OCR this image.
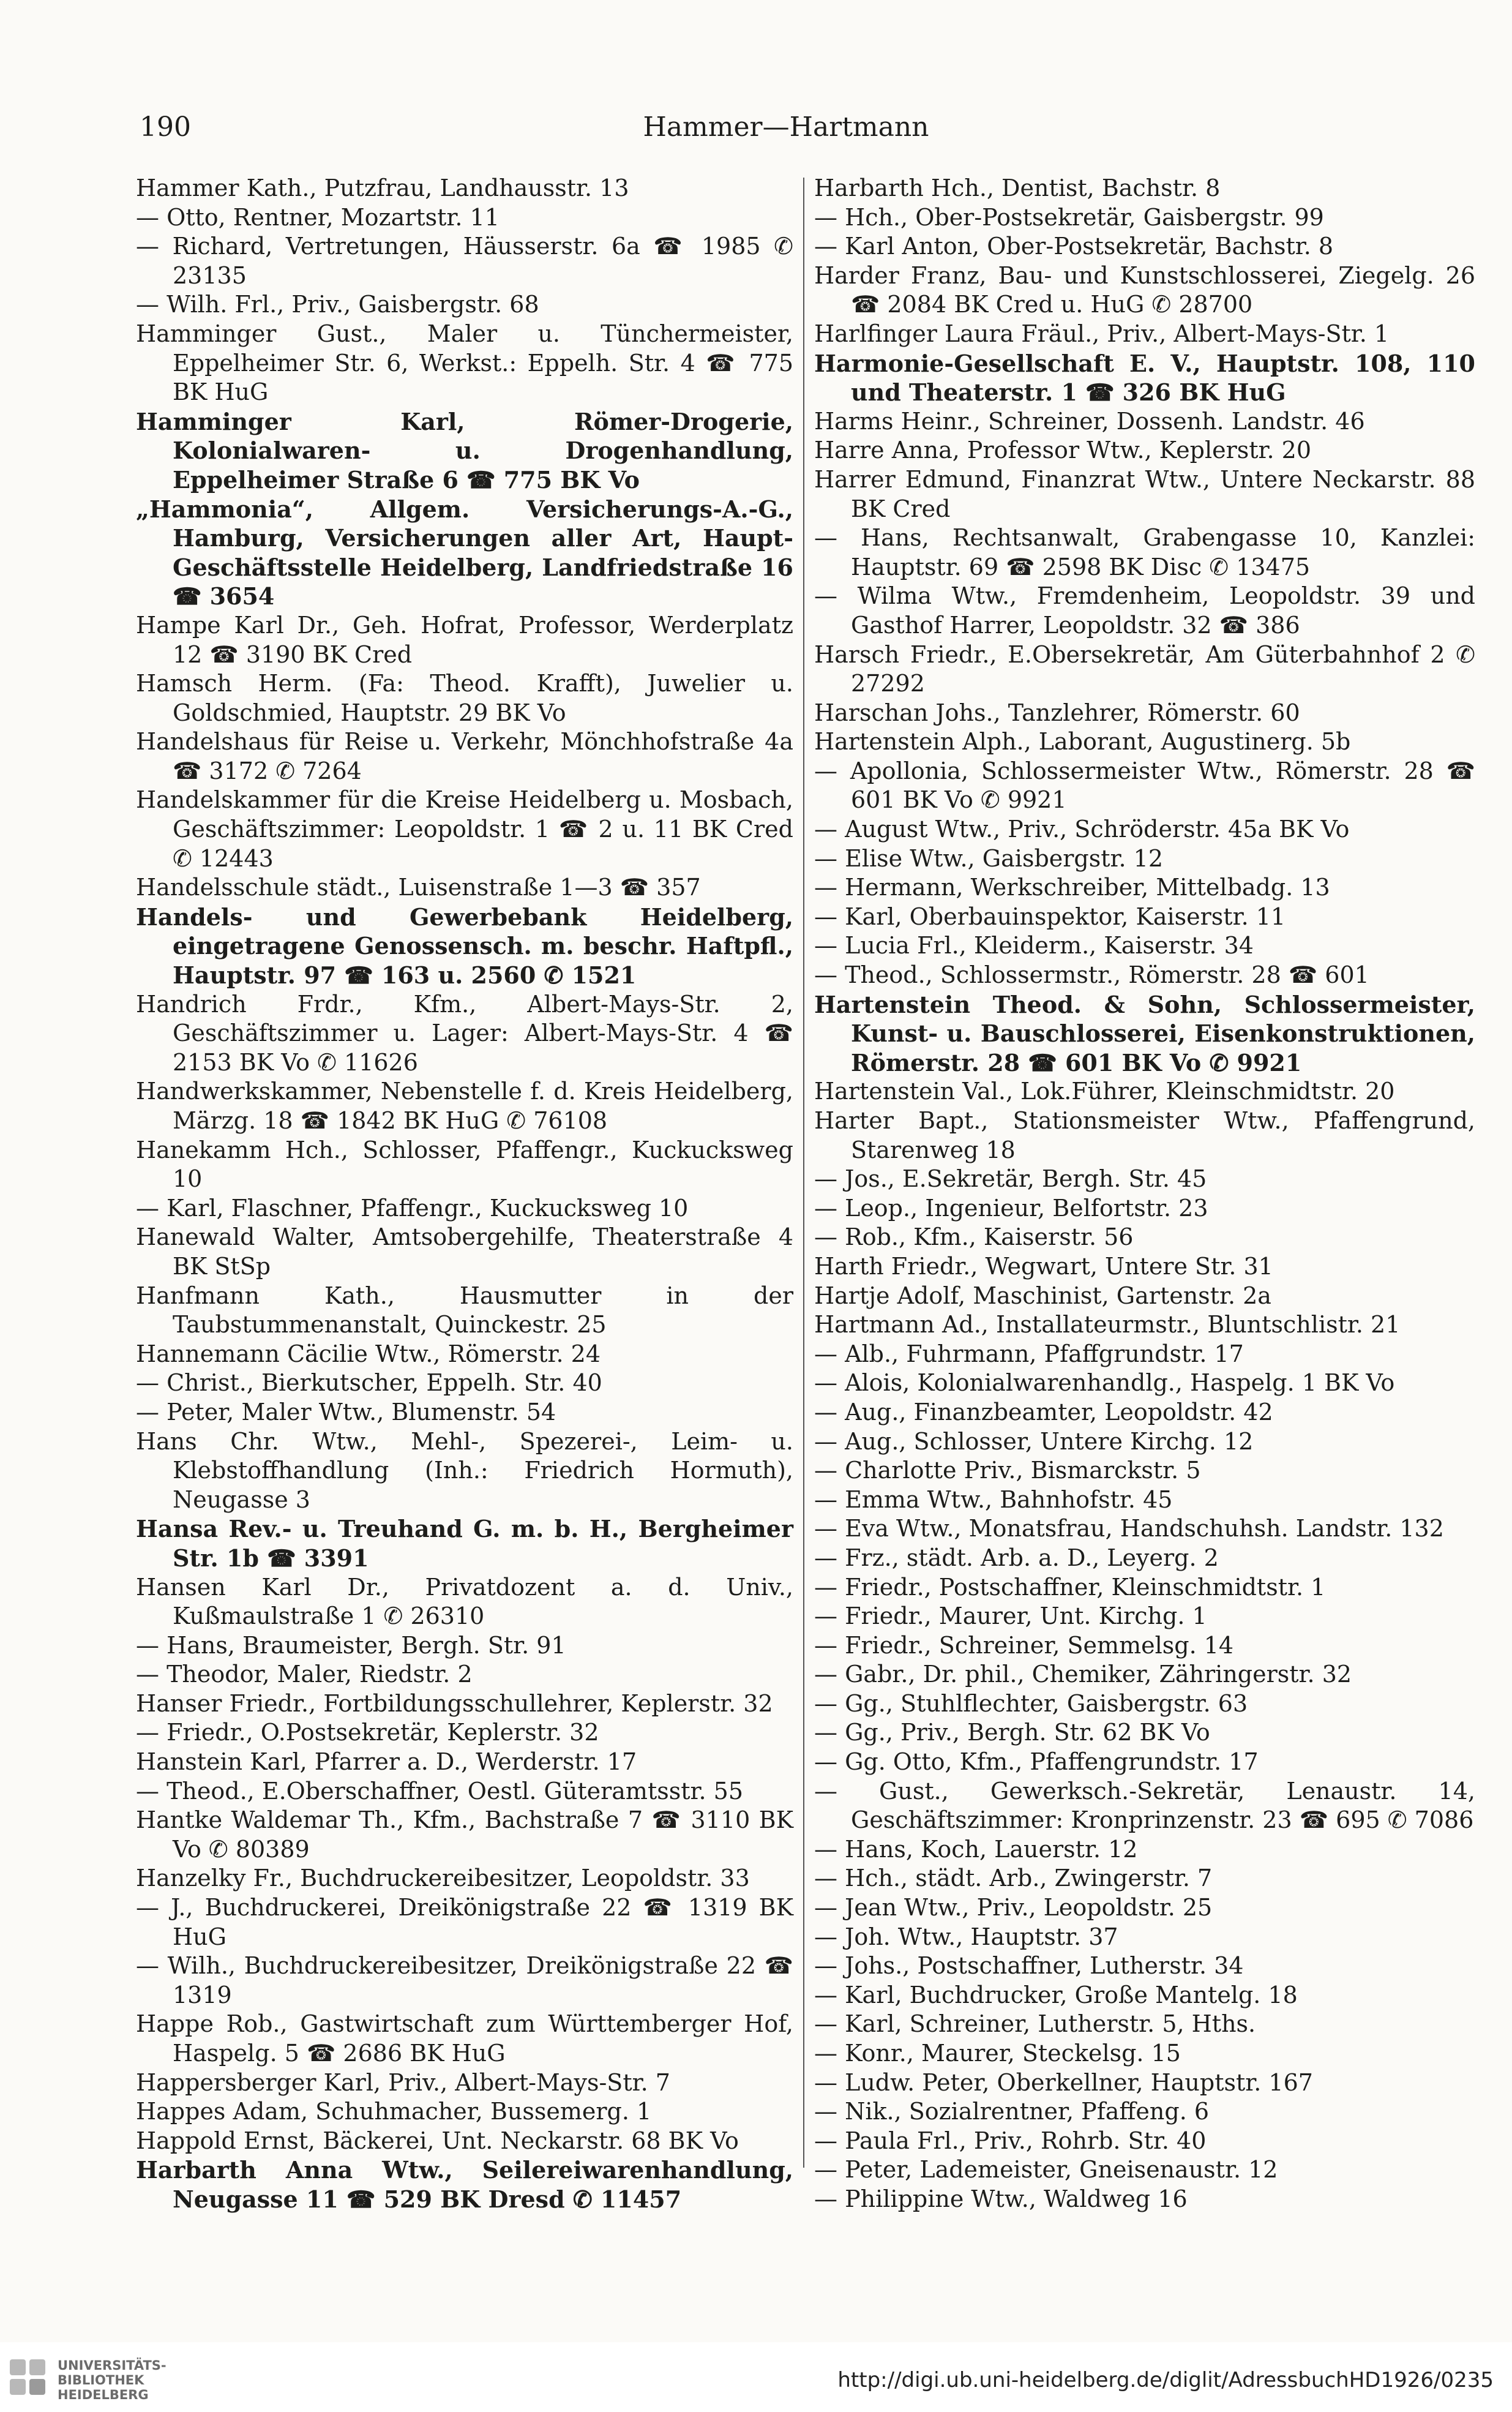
190	Hammer—Hartmann

Hammer Kath., Putzfrau, Landhausstr. 13

— Otto, Rentner, Mozartstr. 11

— Richard, Vertretungen, Häusserstr. 6a ☎ 1985 ✆ 23135

— Wilh. Frl., Priv., Gaisbergstr. 68

Hamminger Gust., Maler u. Tünchermeister, Eppelheimer Str. 6, Werkst.: Eppelh. Str. 4 ☎ 775 BK HuG

Hamminger Karl, Römer-Drogerie, Kolonialwaren- u. Drogenhandlung, Eppelheimer Straße 6 ☎ 775 BK Vo

„Hammonia“, Allgem. Versicherungs-A.-G., Hamburg, Versicherungen aller Art, Haupt-Geschäftsstelle Heidelberg, Landfriedstraße 16 ☎ 3654

Hampe Karl Dr., Geh. Hofrat, Professor, Werderplatz 12 ☎ 3190 BK Cred

Hamsch Herm. (Fa: Theod. Krafft), Juwelier u. Goldschmied, Hauptstr. 29 BK Vo

Handelshaus für Reise u. Verkehr, Mönchhofstraße 4a ☎ 3172 ✆ 7264

Handelskammer für die Kreise Heidelberg u. Mosbach, Geschäftszimmer: Leopoldstr. 1 ☎ 2 u. 11 BK Cred ✆ 12443

Handelsschule städt., Luisenstraße 1—3 ☎ 357

Handels- und Gewerbebank Heidelberg, eingetragene Genossensch. m. beschr. Haftpfl., Hauptstr. 97 ☎ 163 u. 2560 ✆ 1521

Handrich Frdr., Kfm., Albert-Mays-Str. 2, Geschäftszimmer u. Lager: Albert-Mays-Str. 4 ☎ 2153 BK Vo ✆ 11626

Handwerkskammer, Nebenstelle f. d. Kreis Heidelberg, Märzg. 18 ☎ 1842 BK HuG ✆ 76108

Hanekamm Hch., Schlosser, Pfaffengr., Kuckucksweg 10

— Karl, Flaschner, Pfaffengr., Kuckucksweg 10

Hanewald Walter, Amtsobergehilfe, Theaterstraße 4 BK StSp

Hanfmann Kath., Hausmutter in der Taubstummenanstalt, Quinckestr. 25

Hannemann Cäcilie Wtw., Römerstr. 24

— Christ., Bierkutscher, Eppelh. Str. 40

— Peter, Maler Wtw., Blumenstr. 54

Hans Chr. Wtw., Mehl-, Spezerei-, Leim- u. Klebstoffhandlung (Inh.: Friedrich Hormuth), Neugasse 3

Hansa Rev.- u. Treuhand G. m. b. H., Bergheimer Str. 1b ☎ 3391

Hansen Karl Dr., Privatdozent a. d. Univ., Kußmaulstraße 1 ✆ 26310

— Hans, Braumeister, Bergh. Str. 91

— Theodor, Maler, Riedstr. 2

Hanser Friedr., Fortbildungsschullehrer, Keplerstr. 32

— Friedr., O.Postsekretär, Keplerstr. 32

Hanstein Karl, Pfarrer a. D., Werderstr. 17

— Theod., E.Oberschaffner, Oestl. Güteramtsstr. 55

Hantke Waldemar Th., Kfm., Bachstraße 7 ☎ 3110 BK Vo ✆ 80389

Hanzelky Fr., Buchdruckereibesitzer, Leopoldstr. 33

— J., Buchdruckerei, Dreikönigstraße 22 ☎ 1319 BK HuG

— Wilh., Buchdruckereibesitzer, Dreikönigstraße 22 ☎ 1319

Happe Rob., Gastwirtschaft zum Württemberger Hof, Haspelg. 5 ☎ 2686 BK HuG

Happersberger Karl, Priv., Albert-Mays-Str. 7

Happes Adam, Schuhmacher, Bussemerg. 1

Happold Ernst, Bäckerei, Unt. Neckarstr. 68 BK Vo

Harbarth Anna Wtw., Seilereiwarenhandlung, Neugasse 11 ☎ 529 BK Dresd ✆ 11457

Harbarth Hch., Dentist, Bachstr. 8

— Hch., Ober-Postsekretär, Gaisbergstr. 99

— Karl Anton, Ober-Postsekretär, Bachstr. 8

Harder Franz, Bau- und Kunstschlosserei, Ziegelg. 26 ☎ 2084 BK Cred u. HuG ✆ 28700

Harlfinger Laura Fräul., Priv., Albert-Mays-Str. 1

Harmonie-Gesellschaft E. V., Hauptstr. 108, 110 und Theaterstr. 1 ☎ 326 BK HuG

Harms Heinr., Schreiner, Dossenh. Landstr. 46

Harre Anna, Professor Wtw., Keplerstr. 20

Harrer Edmund, Finanzrat Wtw., Untere Neckarstr. 88 BK Cred

— Hans, Rechtsanwalt, Grabengasse 10, Kanzlei: Hauptstr. 69 ☎ 2598 BK Disc ✆ 13475

— Wilma Wtw., Fremdenheim, Leopoldstr. 39 und Gasthof Harrer, Leopoldstr. 32 ☎ 386

Harsch Friedr., E.Obersekretär, Am Güterbahnhof 2 ✆ 27292

Harschan Johs., Tanzlehrer, Römerstr. 60

Hartenstein Alph., Laborant, Augustinerg. 5b

— Apollonia, Schlossermeister Wtw., Römerstr. 28 ☎ 601 BK Vo ✆ 9921

— August Wtw., Priv., Schröderstr. 45a BK Vo

— Elise Wtw., Gaisbergstr. 12

— Hermann, Werkschreiber, Mittelbadg. 13

— Karl, Oberbauinspektor, Kaiserstr. 11

— Lucia Frl., Kleiderm., Kaiserstr. 34

— Theod., Schlossermstr., Römerstr. 28 ☎ 601

Hartenstein Theod. & Sohn, Schlossermeister, Kunst- u. Bauschlosserei, Eisenkonstruktionen, Römerstr. 28 ☎ 601 BK Vo ✆ 9921

Hartenstein Val., Lok.Führer, Kleinschmidtstr. 20

Harter Bapt., Stationsmeister Wtw., Pfaffengrund, Starenweg 18

— Jos., E.Sekretär, Bergh. Str. 45

— Leop., Ingenieur, Belfortstr. 23

— Rob., Kfm., Kaiserstr. 56

Harth Friedr., Wegwart, Untere Str. 31

Hartje Adolf, Maschinist, Gartenstr. 2a

Hartmann Ad., Installateurmstr., Bluntschlistr. 21

— Alb., Fuhrmann, Pfaffgrundstr. 17

— Alois, Kolonialwarenhandlg., Haspelg. 1 BK Vo

— Aug., Finanzbeamter, Leopoldstr. 42

— Aug., Schlosser, Untere Kirchg. 12

— Charlotte Priv., Bismarckstr. 5

— Emma Wtw., Bahnhofstr. 45

— Eva Wtw., Monatsfrau, Handschuhsh. Landstr. 132

— Frz., städt. Arb. a. D., Leyerg. 2

— Friedr., Postschaffner, Kleinschmidtstr. 1

— Friedr., Maurer, Unt. Kirchg. 1

— Friedr., Schreiner, Semmelsg. 14

— Gabr., Dr. phil., Chemiker, Zähringerstr. 32

— Gg., Stuhlflechter, Gaisbergstr. 63

— Gg., Priv., Bergh. Str. 62 BK Vo

— Gg. Otto, Kfm., Pfaffengrundstr. 17

— Gust., Gewerksch.-Sekretär, Lenaustr. 14, Geschäftszimmer: Kronprinzenstr. 23 ☎ 695 ✆ 7086

— Hans, Koch, Lauerstr. 12

— Hch., städt. Arb., Zwingerstr. 7

— Jean Wtw., Priv., Leopoldstr. 25

— Joh. Wtw., Hauptstr. 37

— Johs., Postschaffner, Lutherstr. 34

— Karl, Buchdrucker, Große Mantelg. 18

— Karl, Schreiner, Lutherstr. 5, Hths.

— Konr., Maurer, Steckelsg. 15

— Ludw. Peter, Oberkellner, Hauptstr. 167

— Nik., Sozialrentner, Pfaffeng. 6

— Paula Frl., Priv., Rohrb. Str. 40

— Peter, Lademeister, Gneisenaustr. 12

— Philippine Wtw., Waldweg 16

UNIVERSITÄTS-
BIBLIOTHEK
HEIDELBERG
http://digi.ub.uni-heidelberg.de/diglit/AdressbuchHD1926/0235
